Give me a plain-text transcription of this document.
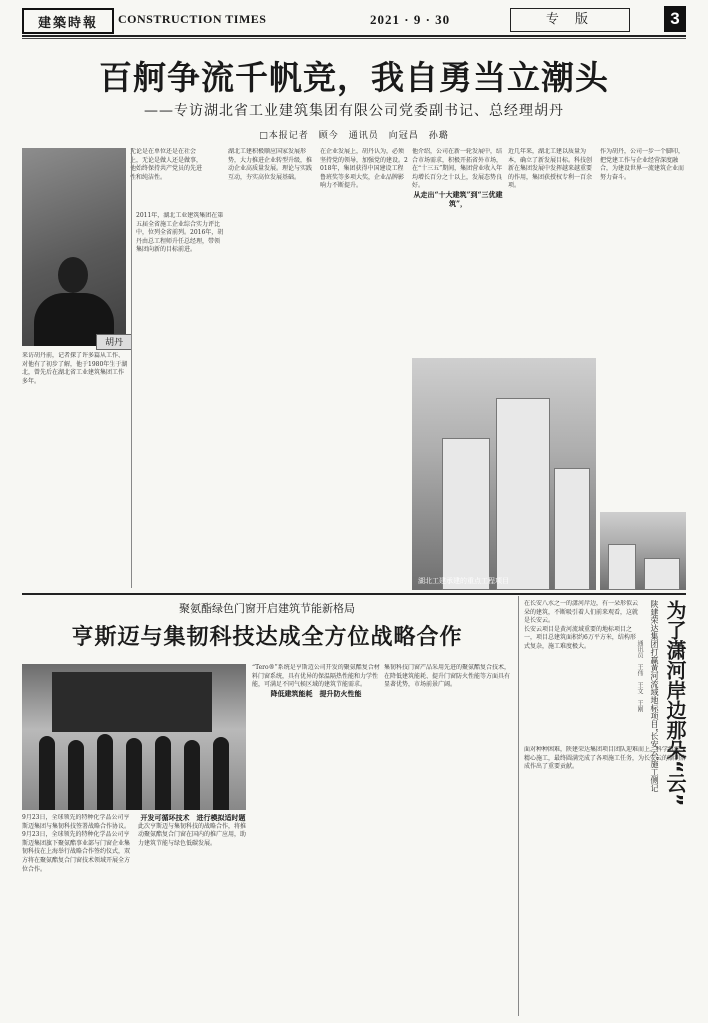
建築時報	CONSTRUCTION TIMES	2021 · 9 · 30	专 版	3
百舸争流千帆竞，我自勇当立潮头
——专访湖北省工业建筑集团有限公司党委副书记、总经理胡丹
□本报记者　顾今　通讯员　向冠昌　孙璐

无论是在单位还是在社会上，无论是做人还是做事，他始终保持共产党员的先进性和纯洁性。

胡丹

来访胡丹前，记者探了许多篇从工作、对他有了初步了解，他于1980年生于湖北，曾先后在湖北省工业建筑集团工作多年。

2011年，湖北工业建筑集团在第五届全省施工企业综合实力评比中，位列全省前列。2016年，胡丹由总工程师升任总经理，带领集团向新的目标前进。

湖北工建积极顺应国家发展形势，大力推进企业转型升级，推动企业高质量发展。理论与实践互动，夯实高位发展基础。

在企业发展上，胡丹认为，必须坚持党的领导，加强党的建设。2018年，集团获得中国建设工程鲁班奖等多项大奖，企业品牌影响力不断提升。

他介绍，公司在新一轮发展中，结合市场需求，积极开拓省外市场，在“十三五”期间，集团营业收入年均增长百分之十以上，发展态势良好。

从走出“十大建筑”到“三优建筑”，

近几年来，湖北工建以质量为本，确立了新发展目标。科技创新在集团发展中发挥越来越重要的作用，集团获授权专利一百余项。

作为胡丹，公司一步一个脚印，把党建工作与企业经营深度融合，为建设世界一流建筑企业而努力奋斗。

湖北工建承建的重点工程项目
聚氨酯绿色门窗开启建筑节能新格局
亨斯迈与集韧科技达成全方位战略合作

9月23日，全球领先的特种化学品公司亨斯迈集团与集韧科技签署战略合作协议。

9月23日，全球领先的特种化学品公司亨斯迈集团旗下聚氨酯事业部与门窗企业集韧科技在上海举行战略合作签约仪式，双方将在聚氨酯复合门窗技术领域开展全方位合作。

开发可循环技术　进行模拟适时题

此次亨斯迈与集韧科技的战略合作，将推动聚氨酯复合门窗在国内的推广应用，助力建筑节能与绿色低碳发展。

“Tero®”系统是亨斯迈公司开发的聚氨酯复合材料门窗系统，具有优异的保温隔热性能和力学性能，可满足不同气候区域的建筑节能需求。

降低建筑能耗　提升防火性能

集韧科技门窗产品采用先进的聚氨酯复合技术，在降低建筑能耗、提升门窗防火性能等方面具有显著优势，市场前景广阔。

在长安八水之一的潇河岸边，有一朵形似云朵的建筑，不断吸引着人们前来观看，这就是长安云。

长安云项目是黄河流域重要的地标项目之一，项目总建筑面积约6万平方米，结构形式复杂，施工难度极大。	为了潇河岸边那朵“云”
陕建荣达集团打赢黄河流域地标项目“长安云”施工侧记
通讯员　王伟　王文　王刚

面对种种困难，陕建荣达集团项目团队迎难而上，科学组织，精心施工，最终圆满完成了各项施工任务，为长安云的顺利落成作出了重要贡献。
